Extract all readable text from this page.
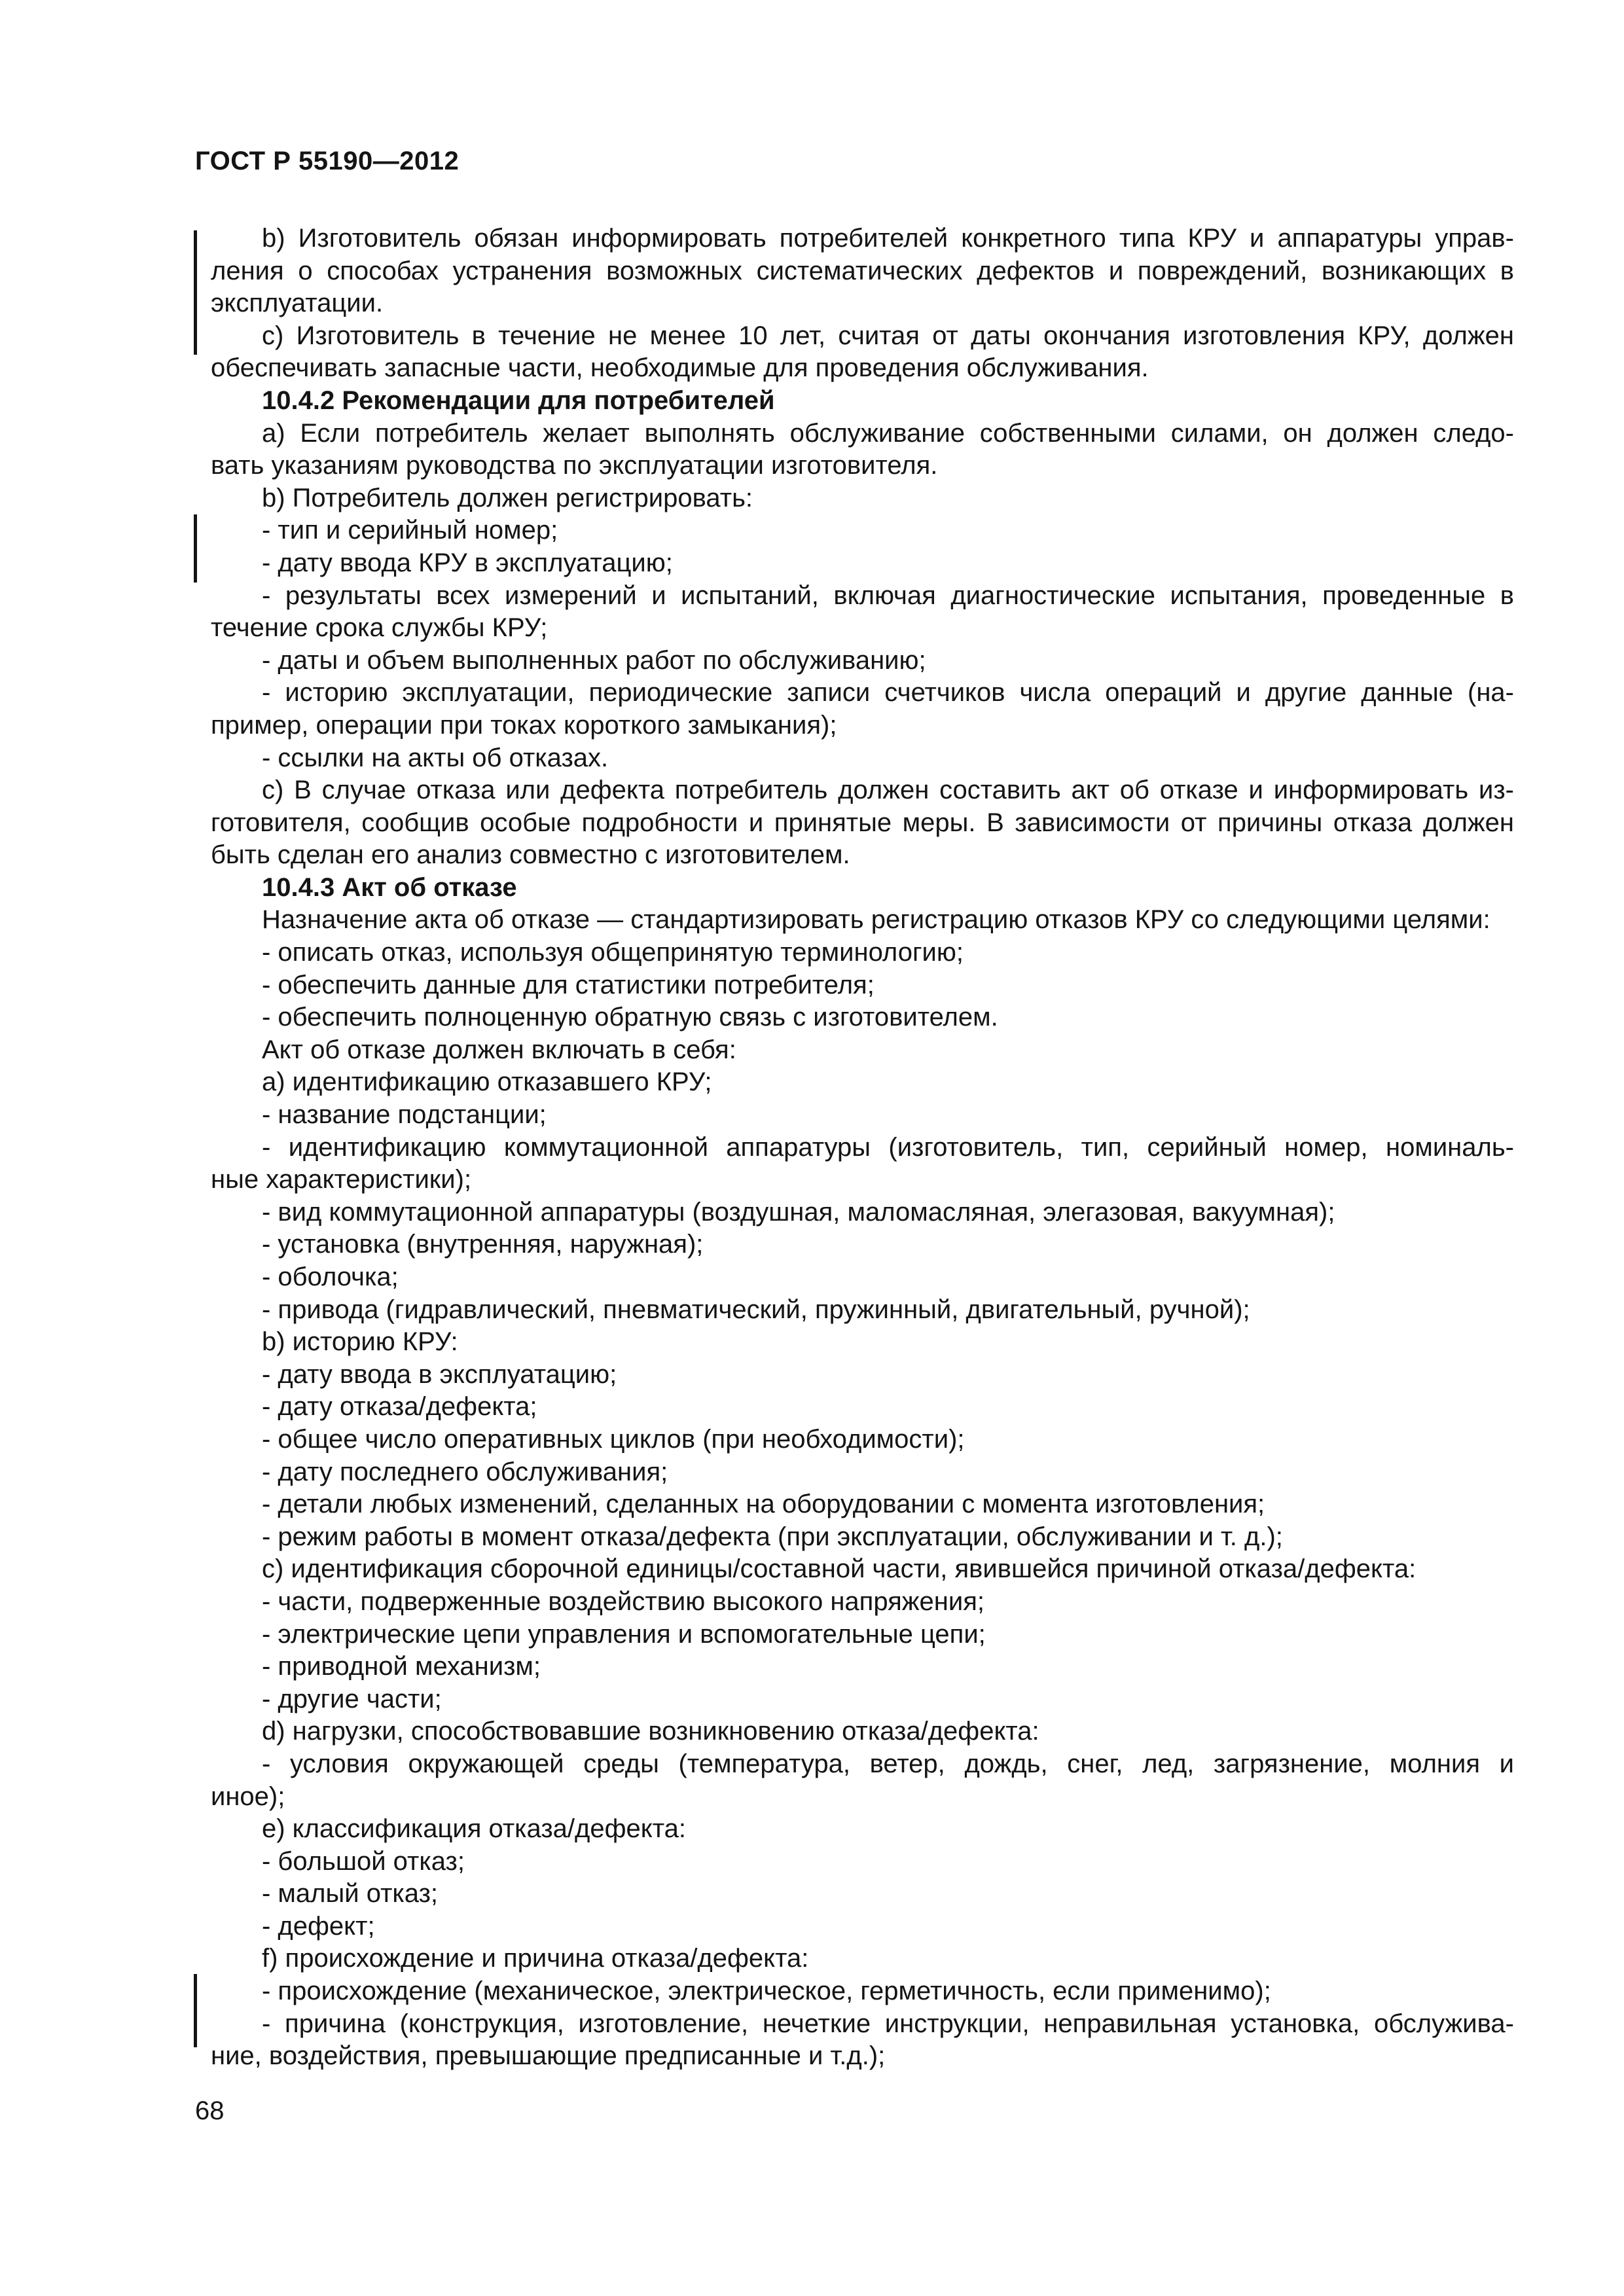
ГОСТ Р 55190—2012
b) Изготовитель обязан информировать потребителей конкретного типа КРУ и аппаратуры управ-
ления о способах устранения возможных систематических дефектов и повреждений, возникающих в
эксплуатации.
c) Изготовитель в течение не менее 10 лет, считая от даты окончания изготовления КРУ, должен
обеспечивать запасные части, необходимые для проведения обслуживания.
10.4.2 Рекомендации для потребителей
a) Если потребитель желает выполнять обслуживание собственными силами, он должен следо-
вать указаниям руководства по эксплуатации изготовителя.
b) Потребитель должен регистрировать:
- тип и серийный номер;
- дату ввода КРУ в эксплуатацию;
- результаты всех измерений и испытаний, включая диагностические испытания, проведенные в
течение срока службы КРУ;
- даты и объем выполненных работ по обслуживанию;
- историю эксплуатации, периодические записи счетчиков числа операций и другие данные (на-
пример, операции при токах короткого замыкания);
- ссылки на акты об отказах.
c) В случае отказа или дефекта потребитель должен составить акт об отказе и информировать из-
готовителя, сообщив особые подробности и принятые меры. В зависимости от причины отказа должен
быть сделан его анализ совместно с изготовителем.
10.4.3 Акт об отказе
Назначение акта об отказе — стандартизировать регистрацию отказов КРУ со следующими целями:
- описать отказ, используя общепринятую терминологию;
- обеспечить данные для статистики потребителя;
- обеспечить полноценную обратную связь с изготовителем.
Акт об отказе должен включать в себя:
a) идентификацию отказавшего КРУ;
- название подстанции;
- идентификацию коммутационной аппаратуры (изготовитель, тип, серийный номер, номиналь-
ные характеристики);
- вид коммутационной аппаратуры (воздушная, маломасляная, элегазовая, вакуумная);
- установка (внутренняя, наружная);
- оболочка;
- привода (гидравлический, пневматический, пружинный, двигательный, ручной);
b) историю КРУ:
- дату ввода в эксплуатацию;
- дату отказа/дефекта;
- общее число оперативных циклов (при необходимости);
- дату последнего обслуживания;
- детали любых изменений, сделанных на оборудовании с момента изготовления;
- режим работы в момент отказа/дефекта (при эксплуатации, обслуживании и т. д.);
c) идентификация сборочной единицы/составной части, явившейся причиной отказа/дефекта:
- части, подверженные воздействию высокого напряжения;
- электрические цепи управления и вспомогательные цепи;
- приводной механизм;
- другие части;
d) нагрузки, способствовавшие возникновению отказа/дефекта:
- условия окружающей среды (температура, ветер, дождь, снег, лед, загрязнение, молния и
иное);
e) классификация отказа/дефекта:
- большой отказ;
- малый отказ;
- дефект;
f) происхождение и причина отказа/дефекта:
- происхождение (механическое, электрическое, герметичность, если применимо);
- причина (конструкция, изготовление, нечеткие инструкции, неправильная установка, обслужива-
ние, воздействия, превышающие предписанные и т.д.);
68
